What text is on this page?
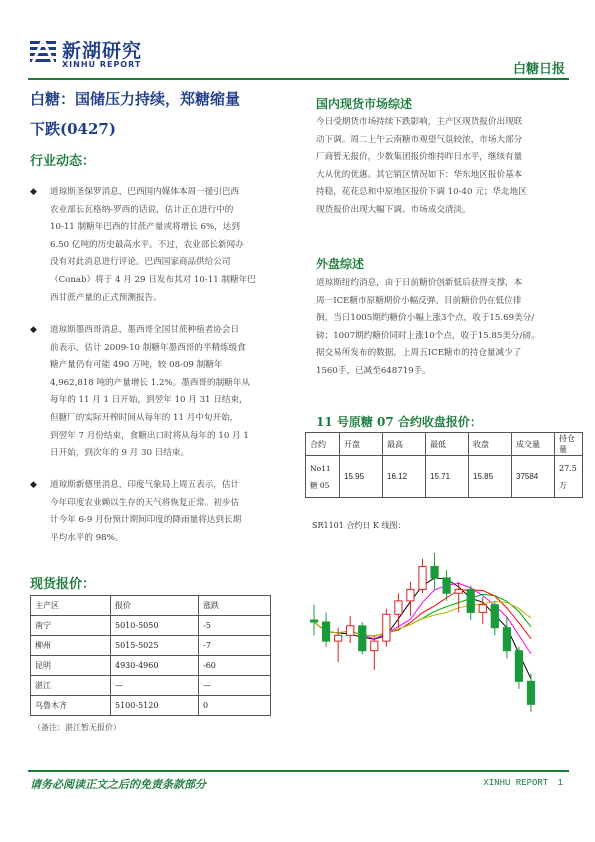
新湖研究
XINHU REPORT	白糖日报
白糖：国储压力持续，郑糖缩量
下跌(0427)
行业动态：
◆ 道琼斯圣保罗消息，巴西国内媒体本周一援引巴西
农业部长瓦格纳-罗西的话说，估计正在进行中的
10-11 制糖年巴西的甘蔗产量或将增长 6%，达到
6.50 亿吨的历史最高水平。不过，农业部长新闻办
没有对此消息进行评论。巴西国家商品供给公司
（Conab）将于 4 月 29 日发布其对 10-11 制糖年巴
西甘蔗产量的正式预测报告。
◆ 道琼斯墨西哥消息，墨西哥全国甘蔗种植者协会日
前表示，估计 2009-10 制糖年墨西哥的半精炼级食
糖产量仍有可能 490 万吨，较 08-09 制糖年
4,962,818 吨的产量增长 1.2%。墨西哥的制糖年从
每年的 11 月 1 日开始，到翌年 10 月 31 日结束，
但糖厂的实际开榨时间从每年的 11 月中旬开始，
到翌年 7 月份结束，食糖出口时将从每年的 10 月 1
日开始，到次年的 9 月 30 日结束。
◆ 道琼斯新德里消息，印度气象局上周五表示，估计
今年印度农业赖以生存的天气将恢复正常。初步估
计今年 6-9 月份预计期间印度的降雨量将达到长期
平均水平的 98%。
现货报价：
主产区	报价	涨跌
南宁	5010-5050	-5
柳州	5015-5025	-7
昆明	4930-4960	-60
湛江	—	—
乌鲁木齐	5100-5120	0
（备注：湛江暂无报价）
国内现货市场综述
今日受期货市场持续下跌影响，主产区现货报价出现联
动下调。周二上午云南糖市观望气氛较浓，市场大部分
厂商暂无报价，少数集团报价维持昨日水平，继续有量
大从优的优惠。其它销区情况如下：华东地区报价基本
持稳，花花总和中原地区报价下调 10-40 元；华北地区
现货报价出现大幅下调。市场成交清淡。
外盘综述
道琼斯纽约消息，由于日前糖价创新低后获得支撑，本
周一ICE糖市原糖期价小幅反弹。目前糖价仍在低位徘
徊，当日1005期约糖价小幅上涨3个点，收于15.69美分/
磅；1007期约糖价同时上涨10个点，收于15.85美分/磅。
据交易所发布的数据，上周五ICE糖市的持仓量减少了
1560手，已减至648719手。
11 号原糖 07 合约收盘报价：
合约	开盘	最高	最低	收盘	成交量	持仓量
No11 糖 05	15.95	16.12	15.71	15.85	37584	27.5 万
SR1101 合约日 K 线图：
请务必阅读正文之后的免责条款部分	XINHU REPORT 1
